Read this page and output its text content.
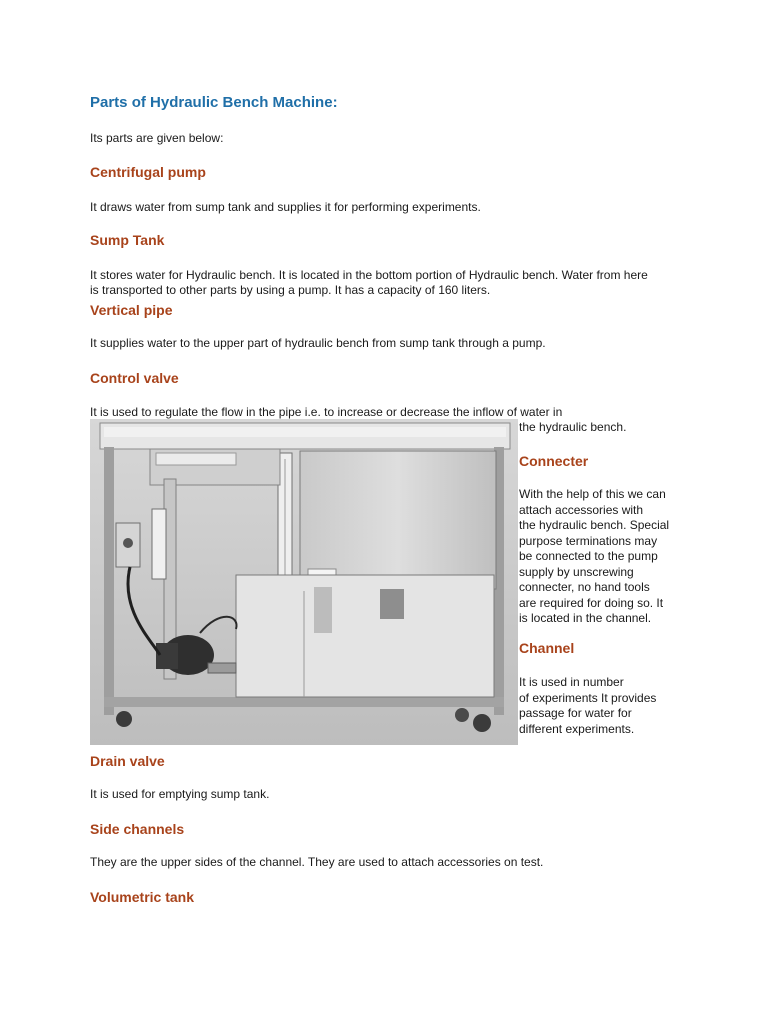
Parts of Hydraulic Bench Machine:

Its parts are given below:

Centrifugal pump

It draws water from sump tank and supplies it for performing experiments.

Sump Tank

It stores water for Hydraulic bench. It is located in the bottom portion of Hydraulic bench. Water from here

is transported to other parts by using a pump. It has a capacity of 160 liters.

Vertical pipe

It supplies water to the upper part of hydraulic bench from sump tank through a pump.

Control valve

It is used to regulate the flow in the pipe i.e. to increase or decrease the inflow of water in

the hydraulic bench.

Connecter

With the help of this we can

attach accessories with

the hydraulic bench. Special

purpose terminations may

be connected to the pump

supply by unscrewing

connecter, no hand tools

are required for doing so. It

is located in the channel.

Channel

It is used in number

of experiments It provides

passage for water for

different experiments.

Drain valve

It is used for emptying sump tank.

Side channels

They are the upper sides of the channel. They are used to attach accessories on test.

Volumetric tank
